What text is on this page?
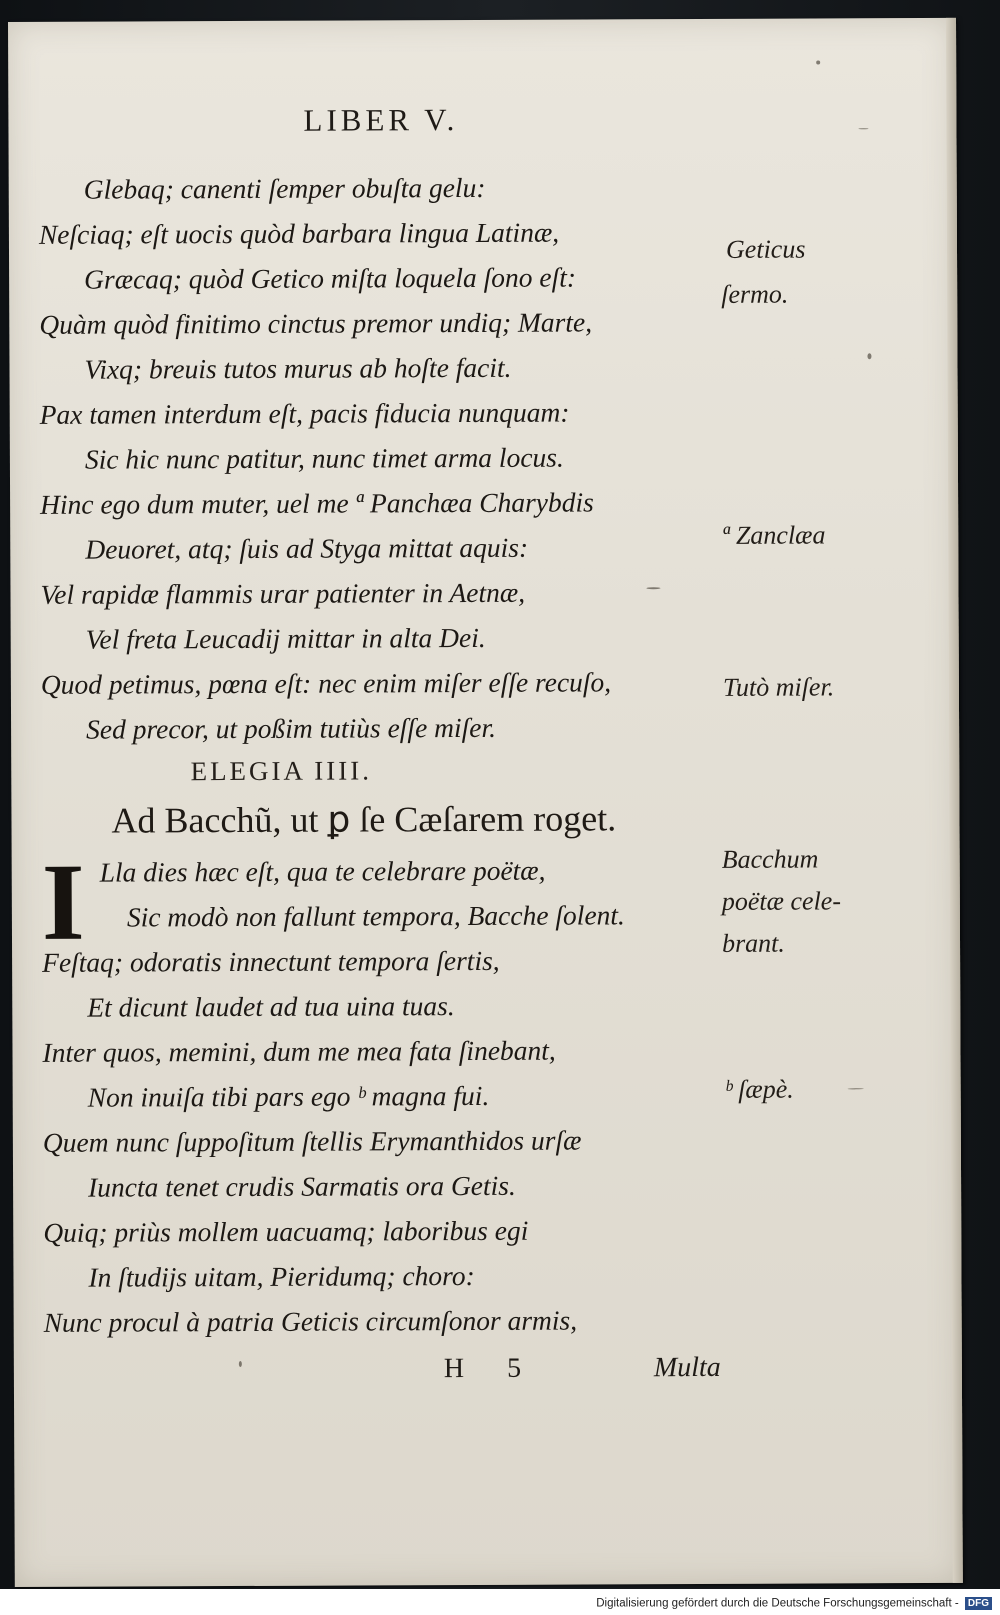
LIBER V.
Glebaq; canenti ſemper obuſta gelu:
Neſciaq; eſt uocis quòd barbara lingua Latinæ,
Græcaq; quòd Getico miſta loquela ſono eſt:
Quàm quòd finitimo cinctus premor undiq; Marte,
Vixq; breuis tutos murus ab hoſte facit.
Pax tamen interdum eſt, pacis fiducia nunquam:
Sic hic nunc patitur, nunc timet arma locus.
Hinc ego dum muter, uel me ª Panchæa Charybdis
Deuoret, atq; ſuis ad Styga mittat aquis:
Vel rapidæ flammis urar patienter in Aetnæ,
Vel freta Leucadij mittar in alta Dei.
Quod petimus, pœna eſt: nec enim miſer eſſe recuſo,
Sed precor, ut poßim tutiùs eſſe miſer.
ELEGIA IIII.
Ad Bacchũ, ut ꝑ ſe Cæſarem roget.
I Lla dies hæc eſt, qua te celebrare poëtæ,
Sic modò non fallunt tempora, Bacche ſolent.
Feſtaq; odoratis innectunt tempora ſertis,
Et dicunt laudet ad tua uina tuas.
Inter quos, memini, dum me mea fata ſinebant,
Non inuiſa tibi pars ego ᵇ magna fui.
Quem nunc ſuppoſitum ſtellis Erymanthidos urſæ
Iuncta tenet crudis Sarmatis ora Getis.
Quiq; priùs mollem uacuamq; laboribus egi
In ſtudijs uitam, Pieridumq; choro:
Nunc procul à patria Geticis circumſonor armis,
Geticus
ſermo.
ª Zanclæa
Tutò miſer.
Bacchum
poëtæ cele-
brant.
ᵇ ſæpè.
H 5	Multa
Digitalisierung gefördert durch die Deutsche Forschungsgemeinschaft - DFG
